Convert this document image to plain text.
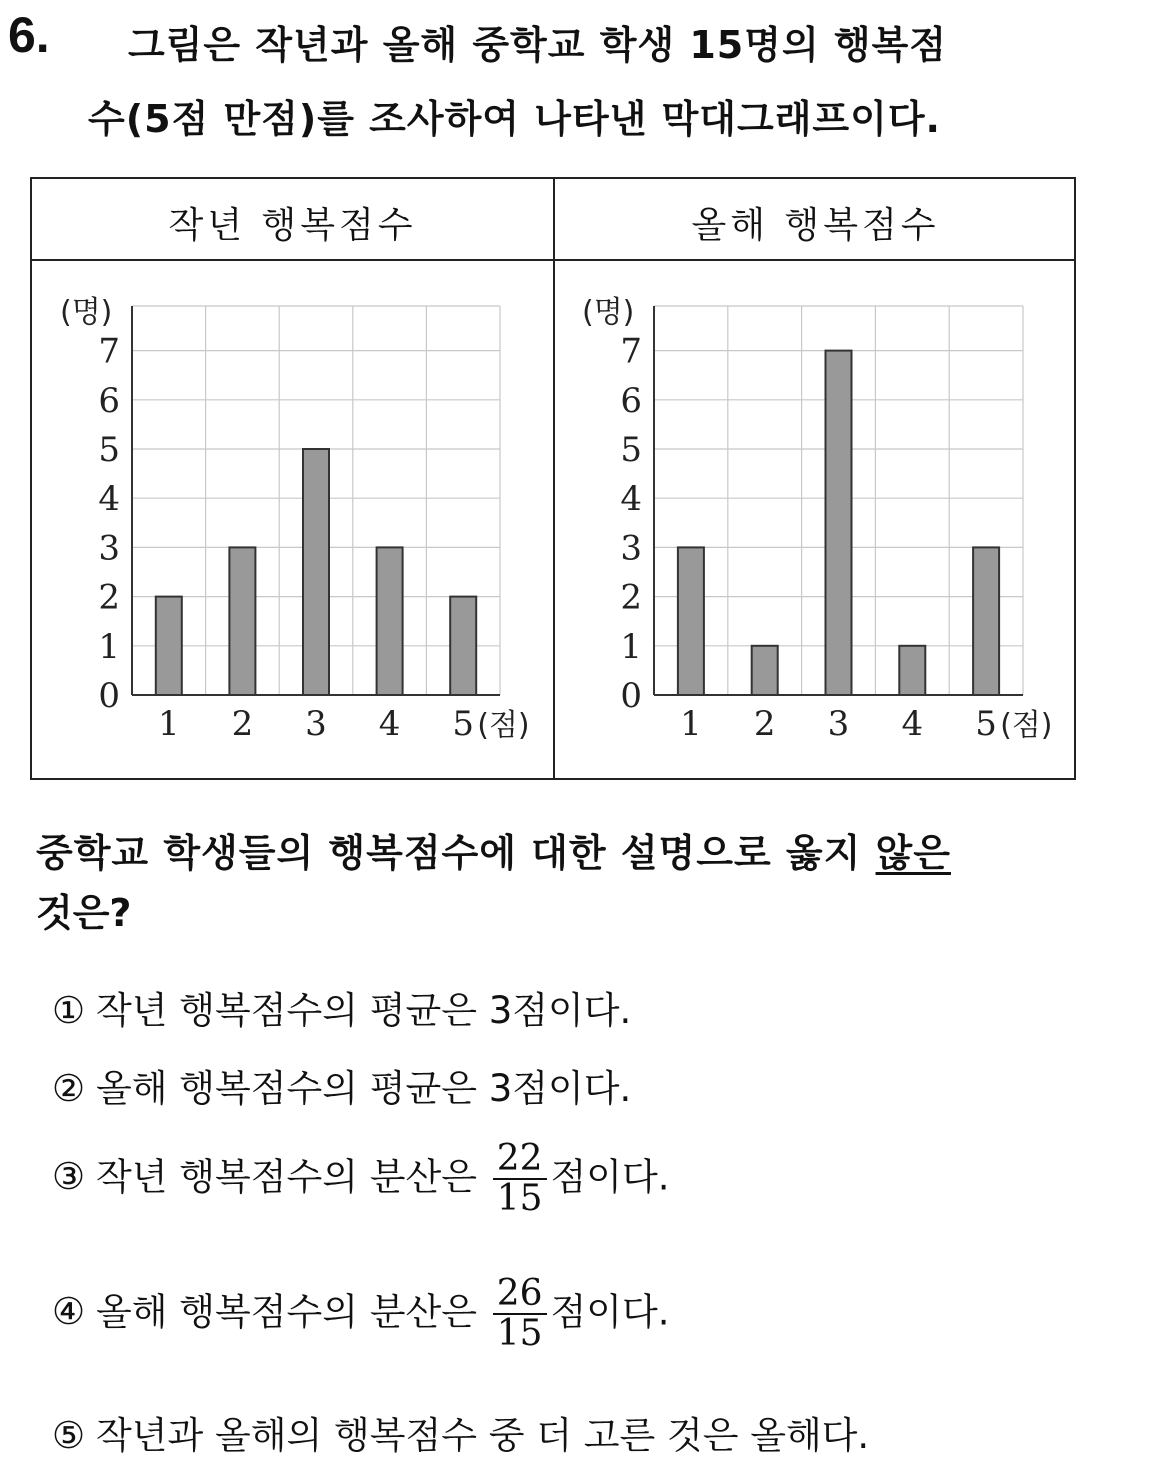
6. 그림은 작년과 올해 중학교 학생 15명의 행복점
수(5점 만점)를 조사하여 나타낸 막대그래프이다.
작년 행복점수	올해 행복점수
0
1
2
3
4
5
6
7
(명)
1 2 3 4 5 (점)
0
1
2
3
4
5
6
7
(명)
1 2 3 4 5 (점)
중학교 학생들의 행복점수에 대한 설명으로 옳지 않은
것은?
① 작년 행복점수의 평균은 3점이다.
② 올해 행복점수의 평균은 3점이다.
③ 작년 행복점수의 분산은 $\frac{22}{15}$ 점이다.
④ 올해 행복점수의 분산은 $\frac{26}{15}$ 점이다.
⑤ 작년과 올해의 행복점수 중 더 고른 것은 올해다.
